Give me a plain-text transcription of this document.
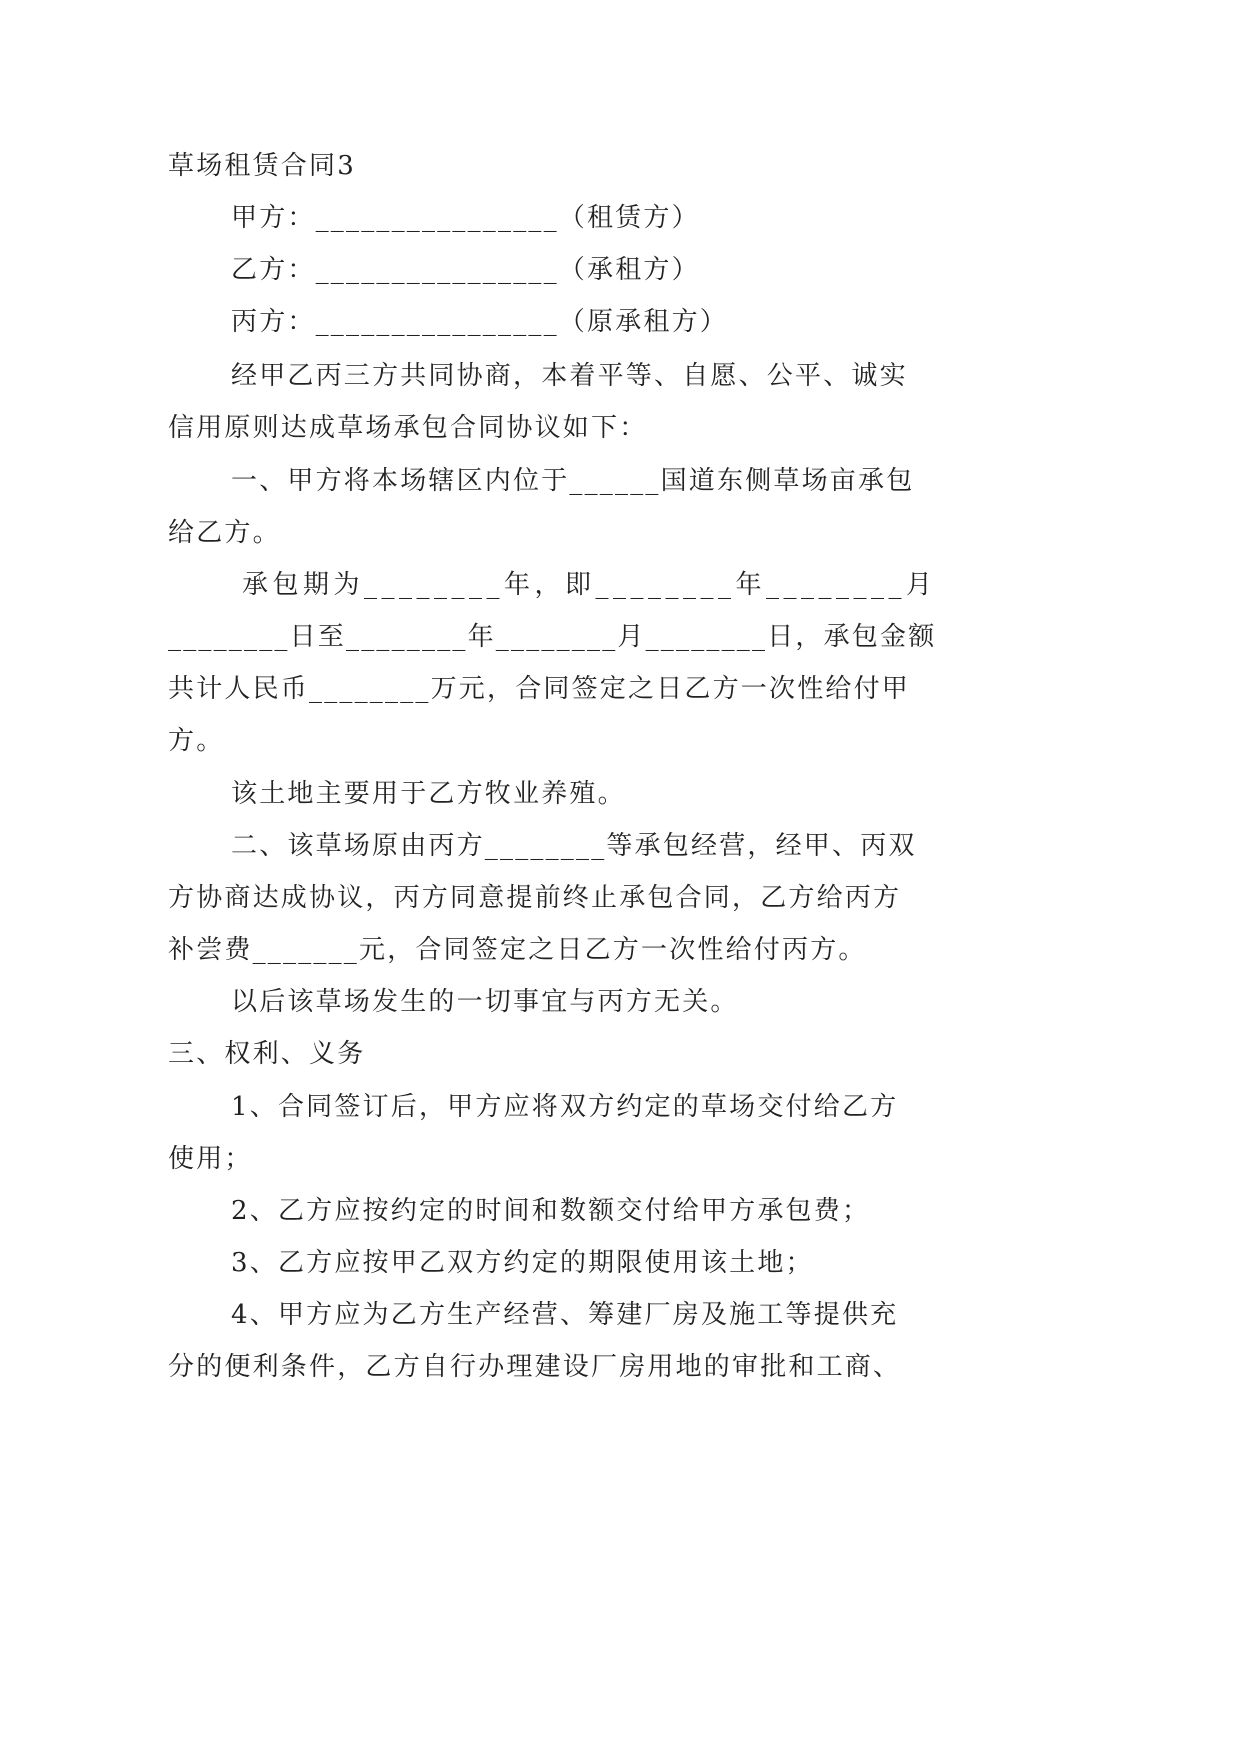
草场租赁合同3
甲方：________________（租赁方）
乙方：________________（承租方）
丙方：________________（原承租方）
经甲乙丙三方共同协商，本着平等、自愿、公平、诚实
信用原则达成草场承包合同协议如下：
一、甲方将本场辖区内位于______国道东侧草场亩承包
给乙方。
承包期为________年，即________年________月
________日至________年________月________日，承包金额
共计人民币________万元，合同签定之日乙方一次性给付甲
方。
该土地主要用于乙方牧业养殖。
二、该草场原由丙方________等承包经营，经甲、丙双
方协商达成协议，丙方同意提前终止承包合同，乙方给丙方
补尝费_______元，合同签定之日乙方一次性给付丙方。
以后该草场发生的一切事宜与丙方无关。
三、权利、义务
1、合同签订后，甲方应将双方约定的草场交付给乙方
使用；
2、乙方应按约定的时间和数额交付给甲方承包费；
3、乙方应按甲乙双方约定的期限使用该土地；
4、甲方应为乙方生产经营、筹建厂房及施工等提供充
分的便利条件，乙方自行办理建设厂房用地的审批和工商、
